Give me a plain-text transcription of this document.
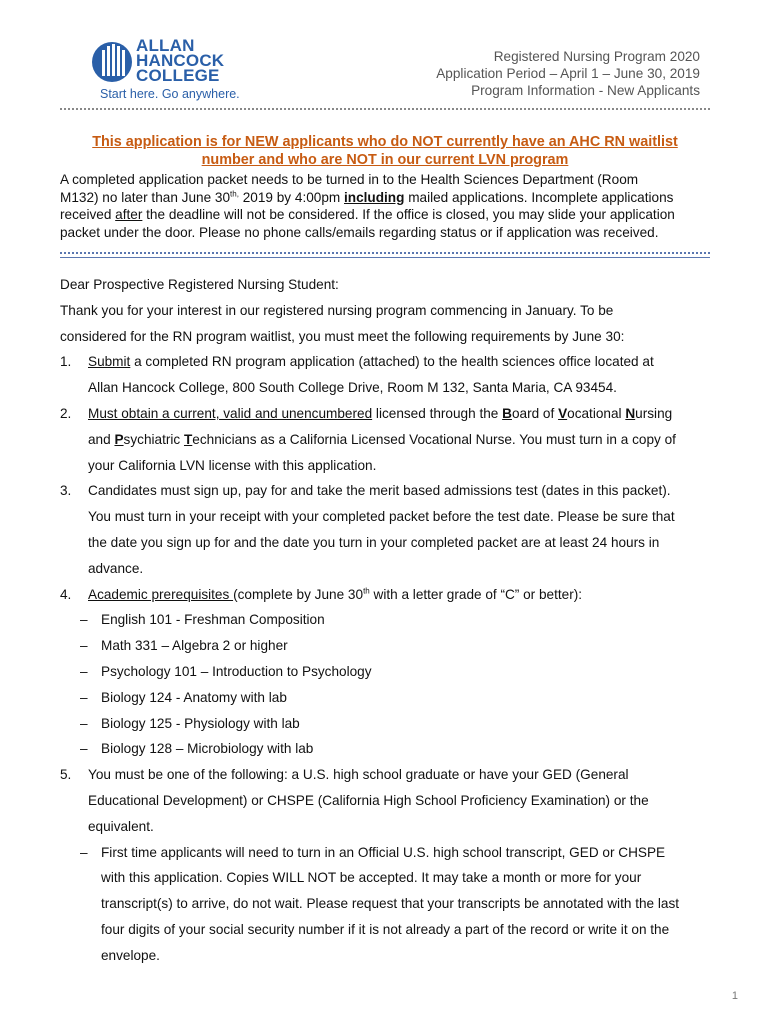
ALLAN
HANCOCK
COLLEGE
Start here. Go anywhere.
Registered Nursing Program 2020
Application Period – April 1 – June 30, 2019
Program Information - New Applicants
This application is for NEW applicants who do NOT currently have an AHC RN waitlist
number and who are NOT in our current LVN program
A completed application packet needs to be turned in to the Health Sciences Department (Room
M132) no later than June $30^{th,}$ 2019 by 4:00pm including mailed applications. Incomplete applications
received after the deadline will not be considered. If the office is closed, you may slide your application
packet under the door. Please no phone calls/emails regarding status or if application was received.
Dear Prospective Registered Nursing Student:
Thank you for your interest in our registered nursing program commencing in January. To be
considered for the RN program waitlist, you must meet the following requirements by June 30:
1. Submit a completed RN program application (attached) to the health sciences office located at
Allan Hancock College, 800 South College Drive, Room M 132, Santa Maria, CA 93454.
2. Must obtain a current, valid and unencumbered licensed through the Board of Vocational Nursing
and Psychiatric Technicians as a California Licensed Vocational Nurse. You must turn in a copy of
your California LVN license with this application.
3. Candidates must sign up, pay for and take the merit based admissions test (dates in this packet).
You must turn in your receipt with your completed packet before the test date. Please be sure that
the date you sign up for and the date you turn in your completed packet are at least 24 hours in
advance.
4. Academic prerequisites (complete by June 30th with a letter grade of “C” or better):
– English 101 - Freshman Composition
– Math 331 – Algebra 2 or higher
– Psychology 101 – Introduction to Psychology
– Biology 124 - Anatomy with lab
– Biology 125 - Physiology with lab
– Biology 128 – Microbiology with lab
5. You must be one of the following: a U.S. high school graduate or have your GED (General
Educational Development) or CHSPE (California High School Proficiency Examination) or the
equivalent.
– First time applicants will need to turn in an Official U.S. high school transcript, GED or CHSPE
with this application. Copies WILL NOT be accepted. It may take a month or more for your
transcript(s) to arrive, do not wait. Please request that your transcripts be annotated with the last
four digits of your social security number if it is not already a part of the record or write it on the
envelope.
1
